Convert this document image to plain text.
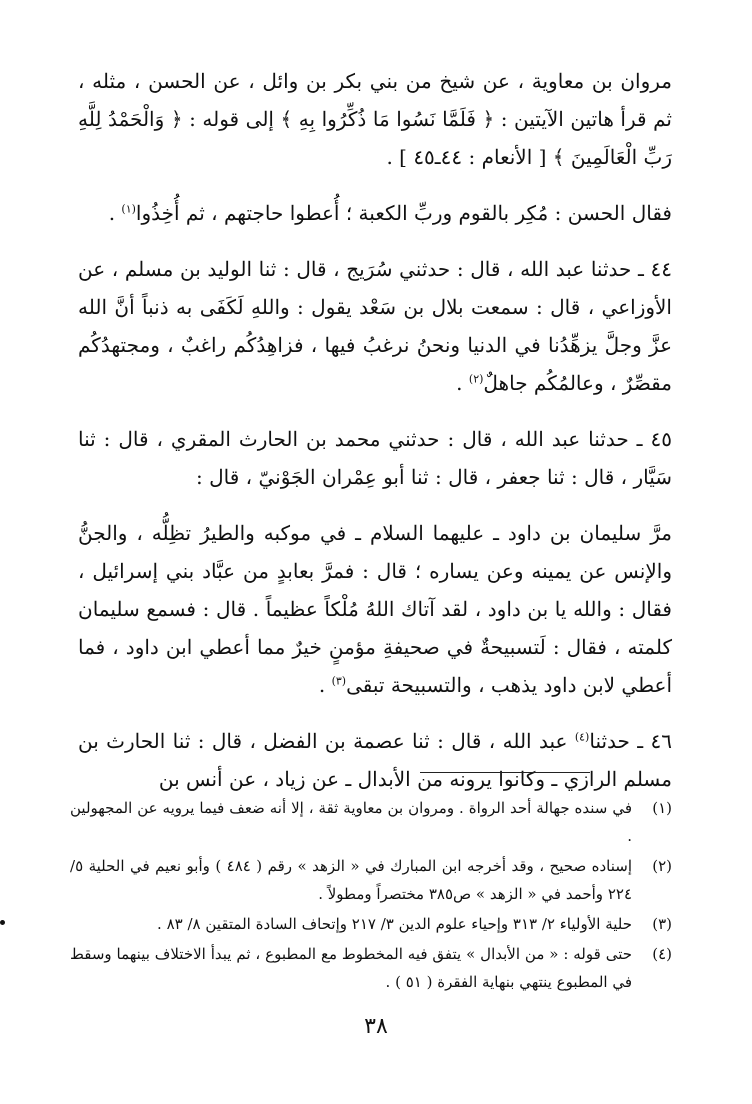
مروان بن معاوية ، عن شيخ من بني بكر بن وائل ، عن الحسن ، مثله ، ثم قرأ هاتين الآيتين : ﴿ فَلَمَّا نَسُوا مَا ذُكِّرُوا بِهِ ﴾ إلى قوله : ﴿ وَالْحَمْدُ لِلَّهِ رَبِّ الْعَالَمِينَ ﴾ [ الأنعام : ٤٤ـ٤٥ ] .

فقال الحسن : مُكِر بالقوم وربِّ الكعبة ؛ أُعطوا حاجتهم ، ثم أُخِذُوا$^{(١)}$ .

٤٤ ـ حدثنا عبد الله ، قال : حدثني سُرَيج ، قال : ثنا الوليد بن مسلم ، عن الأوزاعي ، قال : سمعت بلال بن سَعْد يقول : واللهِ لَكَفَى به ذنباً أنَّ الله عزَّ وجلَّ يزهِّدُنا في الدنيا ونحنُ نرغبُ فيها ، فزاهِدُكُم راغبٌ ، ومجتهدُكُم مقصِّرٌ ، وعالمُكُم جاهلٌ$^{(٢)}$ .

٤٥ ـ حدثنا عبد الله ، قال : حدثني محمد بن الحارث المقري ، قال : ثنا سَيَّار ، قال : ثنا جعفر ، قال : ثنا أبو عِمْران الجَوْنيّ ، قال :

مرَّ سليمان بن داود ـ عليهما السلام ـ في موكبه والطيرُ تظِلُّه ، والجنُّ والإنس عن يمينه وعن يساره ؛ قال : فمرَّ بعابدٍ من عبَّاد بني إسرائيل ، فقال : والله يا بن داود ، لقد آتاك اللهُ مُلْكاً عظيماً . قال : فسمع سليمان كلمته ، فقال : لَتسبيحةٌ في صحيفةِ مؤمنٍ خيرٌ مما أعطي ابن داود ، فما أعطي لابن داود يذهب ، والتسبيحة تبقى$^{(٣)}$ .

٤٦ ـ حدثنا$^{(٤)}$ عبد الله ، قال : ثنا عصمة بن الفضل ، قال : ثنا الحارث بن مسلم الرازي ـ وكانوا يرونه من الأبدال ـ عن زياد ، عن أنس بن

(١)
في سنده جهالة أحد الرواة . ومروان بن معاوية ثقة ، إلا أنه ضعف فيما يرويه عن المجهولين .
(٢)
إسناده صحيح ، وقد أخرجه ابن المبارك في « الزهد » رقم ( ٤٨٤ ) وأبو نعيم في الحلية ٥/ ٢٢٤ وأحمد في « الزهد » ص٣٨٥ مختصراً ومطولاً .
(٣)
حلية الأولياء ٢/ ٣١٣ وإحياء علوم الدين ٣/ ٢١٧ وإتحاف السادة المتقين ٨/ ٨٣ .
(٤)
حتى قوله : « من الأبدال » يتفق فيه المخطوط مع المطبوع ، ثم يبدأ الاختلاف بينهما وسقط في المطبوع ينتهي بنهاية الفقرة ( ٥١ ) .
٣٨
